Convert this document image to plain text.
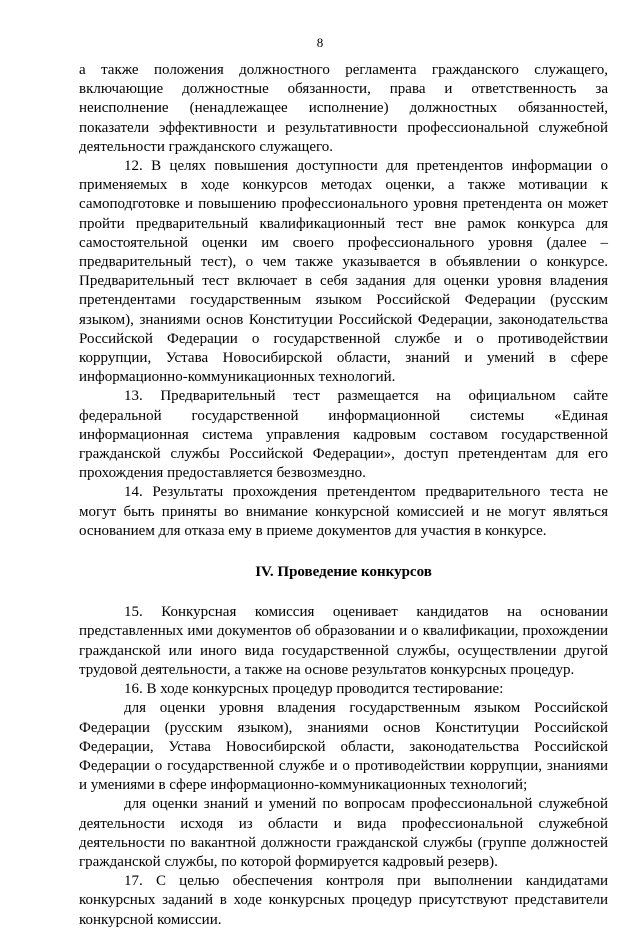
8

а также положения должностного регламента гражданского служащего, включающие должностные обязанности, права и ответственность за неисполнение (ненадлежащее исполнение) должностных обязанностей, показатели эффективности и результативности профессиональной служебной деятельности гражданского служащего.

12. В целях повышения доступности для претендентов информации о применяемых в ходе конкурсов методах оценки, а также мотивации к самоподготовке и повышению профессионального уровня претендента он может пройти предварительный квалификационный тест вне рамок конкурса для самостоятельной оценки им своего профессионального уровня (далее – предварительный тест), о чем также указывается в объявлении о конкурсе. Предварительный тест включает в себя задания для оценки уровня владения претендентами государственным языком Российской Федерации (русским языком), знаниями основ Конституции Российской Федерации, законодательства Российской Федерации о государственной службе и о противодействии коррупции, Устава Новосибирской области, знаний и умений в сфере информационно-коммуникационных технологий.

13. Предварительный тест размещается на официальном сайте федеральной государственной информационной системы «Единая информационная система управления кадровым составом государственной гражданской службы Российской Федерации», доступ претендентам для его прохождения предоставляется безвозмездно.

14. Результаты прохождения претендентом предварительного теста не могут быть приняты во внимание конкурсной комиссией и не могут являться основанием для отказа ему в приеме документов для участия в конкурсе.

IV. Проведение конкурсов

15. Конкурсная комиссия оценивает кандидатов на основании представленных ими документов об образовании и о квалификации, прохождении гражданской или иного вида государственной службы, осуществлении другой трудовой деятельности, а также на основе результатов конкурсных процедур.

16. В ходе конкурсных процедур проводится тестирование:

для оценки уровня владения государственным языком Российской Федерации (русским языком), знаниями основ Конституции Российской Федерации, Устава Новосибирской области, законодательства Российской Федерации о государственной службе и о противодействии коррупции, знаниями и умениями в сфере информационно-коммуникационных технологий;

для оценки знаний и умений по вопросам профессиональной служебной деятельности исходя из области и вида профессиональной служебной деятельности по вакантной должности гражданской службы (группе должностей гражданской службы, по которой формируется кадровый резерв).

17. С целью обеспечения контроля при выполнении кандидатами конкурсных заданий в ходе конкурсных процедур присутствуют представители конкурсной комиссии.
